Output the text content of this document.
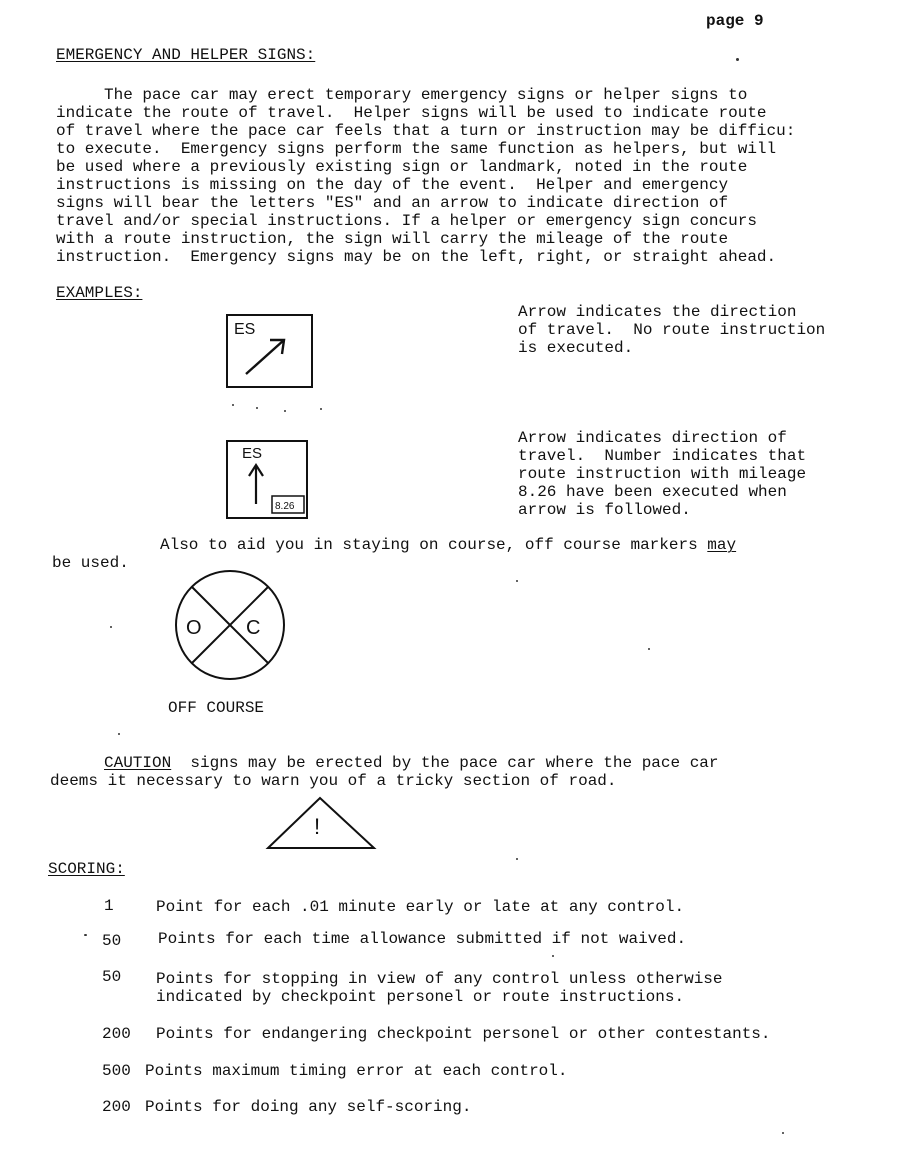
page 9
EMERGENCY AND HELPER SIGNS:
The pace car may erect temporary emergency signs or helper signs to
indicate the route of travel.  Helper signs will be used to indicate route
of travel where the pace car feels that a turn or instruction may be difficu:
to execute.  Emergency signs perform the same function as helpers, but will
be used where a previously existing sign or landmark, noted in the route
instructions is missing on the day of the event.  Helper and emergency
signs will bear the letters "ES" and an arrow to indicate direction of
travel and/or special instructions. If a helper or emergency sign concurs
with a route instruction, the sign will carry the mileage of the route
instruction.  Emergency signs may be on the left, right, or straight ahead.
EXAMPLES:
ES
Arrow indicates the direction
of travel.  No route instruction
is executed.
ES
8.26
Arrow indicates direction of
travel.  Number indicates that
route instruction with mileage
8.26 have been executed when
arrow is followed.
Also to aid you in staying on course, off course markers may
be used.
O C
OFF COURSE
CAUTION  signs may be erected by the pace car where the pace car
deems it necessary to warn you of a tricky section of road.
!
SCORING:
1	Point for each .01 minute early or late at any control.
50 Points for each time allowance submitted if not waived.
50 Points for stopping in view of any control unless otherwise
indicated by checkpoint personel or route instructions.
200 Points for endangering checkpoint personel or other contestants.
500 Points maximum timing error at each control.
200 Points for doing any self-scoring.
